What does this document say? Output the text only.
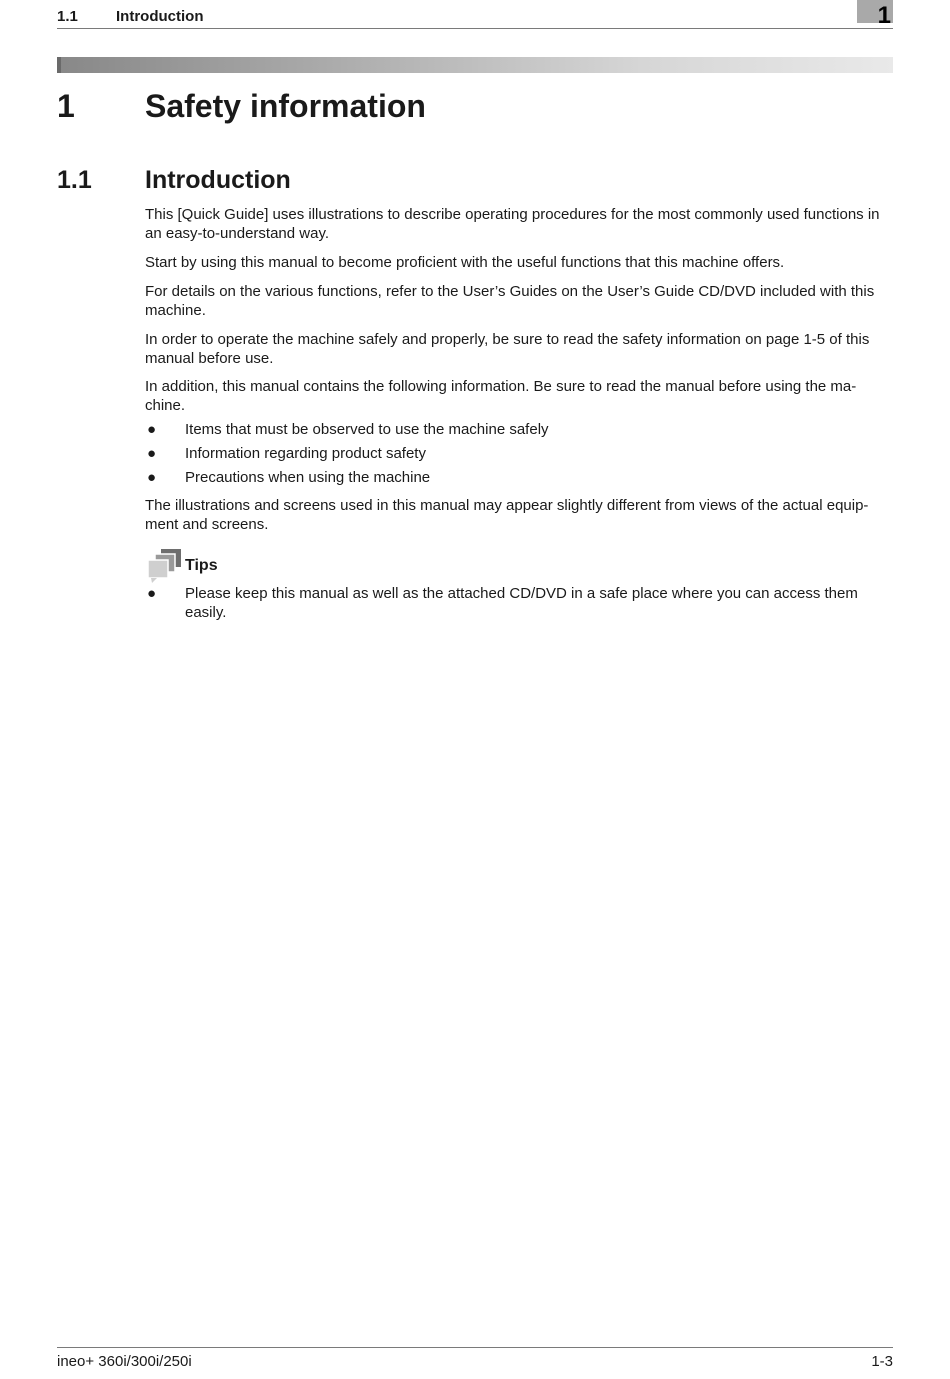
1.1	Introduction	1
1 Safety information
1.1 Introduction

This [Quick Guide] uses illustrations to describe operating procedures for the most commonly used functions in an easy-to-understand way.

Start by using this manual to become proficient with the useful functions that this machine offers.

For details on the various functions, refer to the User’s Guides on the User’s Guide CD/DVD included with this machine.

In order to operate the machine safely and properly, be sure to read the safety information on page 1-5 of this manual before use.

In addition, this manual contains the following information. Be sure to read the manual before using the ma-chine.

● Items that must be observed to use the machine safely
● Information regarding product safety
● Precautions when using the machine

The illustrations and screens used in this manual may appear slightly different from views of the actual equip-ment and screens.

Tips
● Please keep this manual as well as the attached CD/DVD in a safe place where you can access them easily.
ineo+ 360i/300i/250i	1-3
